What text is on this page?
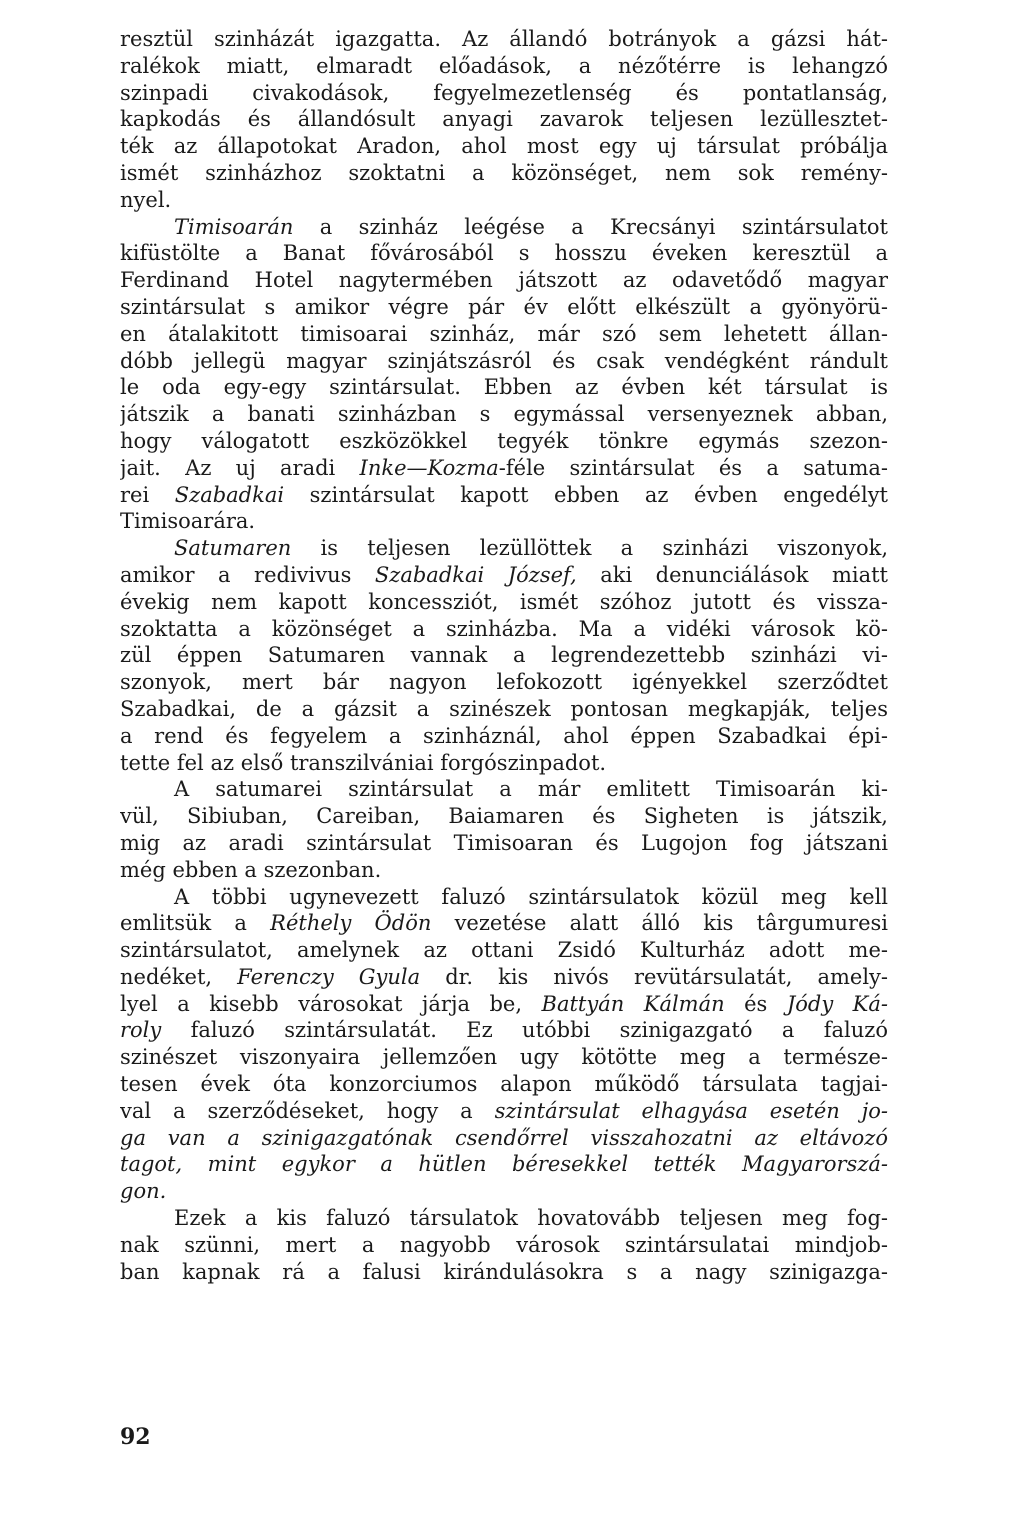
resztül szinházát igazgatta. Az állandó botrányok a gázsi hát-
ralékok miatt, elmaradt előadások, a nézőtérre is lehangzó
szinpadi civakodások, fegyelmezetlenség és pontatlanság,
kapkodás és állandósult anyagi zavarok teljesen lezüllesztet-
ték az állapotokat Aradon, ahol most egy uj társulat próbálja
ismét szinházhoz szoktatni a közönséget, nem sok remény-
nyel.
Timisoarán a szinház leégése a Krecsányi szintársulatot
kifüstölte a Banat fővárosából s hosszu éveken keresztül a
Ferdinand Hotel nagytermében játszott az odavetődő magyar
szintársulat s amikor végre pár év előtt elkészült a gyönyörü-
en átalakitott timisoarai szinház, már szó sem lehetett állan-
dóbb jellegü magyar szinjátszásról és csak vendégként rándult
le oda egy-egy szintársulat. Ebben az évben két társulat is
játszik a banati szinházban s egymással versenyeznek abban,
hogy válogatott eszközökkel tegyék tönkre egymás szezon-
jait. Az uj aradi Inke—Kozma-féle szintársulat és a satuma-
rei Szabadkai szintársulat kapott ebben az évben engedélyt
Timisoarára.
Satumaren is teljesen lezüllöttek a szinházi viszonyok,
amikor a redivivus Szabadkai József, aki denunciálások miatt
évekig nem kapott koncessziót, ismét szóhoz jutott és vissza-
szoktatta a közönséget a szinházba. Ma a vidéki városok kö-
zül éppen Satumaren vannak a legrendezettebb szinházi vi-
szonyok, mert bár nagyon lefokozott igényekkel szerződtet
Szabadkai, de a gázsit a szinészek pontosan megkapják, teljes
a rend és fegyelem a szinháznál, ahol éppen Szabadkai épi-
tette fel az első transzilvániai forgószinpadot.
A satumarei szintársulat a már emlitett Timisoarán ki-
vül, Sibiuban, Careiban, Baiamaren és Sigheten is játszik,
mig az aradi szintársulat Timisoaran és Lugojon fog játszani
még ebben a szezonban.
A többi ugynevezett faluzó szintársulatok közül meg kell
emlitsük a Réthely Ödön vezetése alatt álló kis târgumuresi
szintársulatot, amelynek az ottani Zsidó Kulturház adott me-
nedéket, Ferenczy Gyula dr. kis nivós revütársulatát, amely-
lyel a kisebb városokat járja be, Battyán Kálmán és Jódy Ká-
roly faluzó szintársulatát. Ez utóbbi szinigazgató a faluzó
szinészet viszonyaira jellemzően ugy kötötte meg a természe-
tesen évek óta konzorciumos alapon működő társulata tagjai-
val a szerződéseket, hogy a szintársulat elhagyása esetén jo-
ga van a szinigazgatónak csendőrrel visszahozatni az eltávozó
tagot, mint egykor a hütlen béresekkel tették Magyarorszá-
gon.
Ezek a kis faluzó társulatok hovatovább teljesen meg fog-
nak szünni, mert a nagyobb városok szintársulatai mindjob-
ban kapnak rá a falusi kirándulásokra s a nagy szinigazga-
92
